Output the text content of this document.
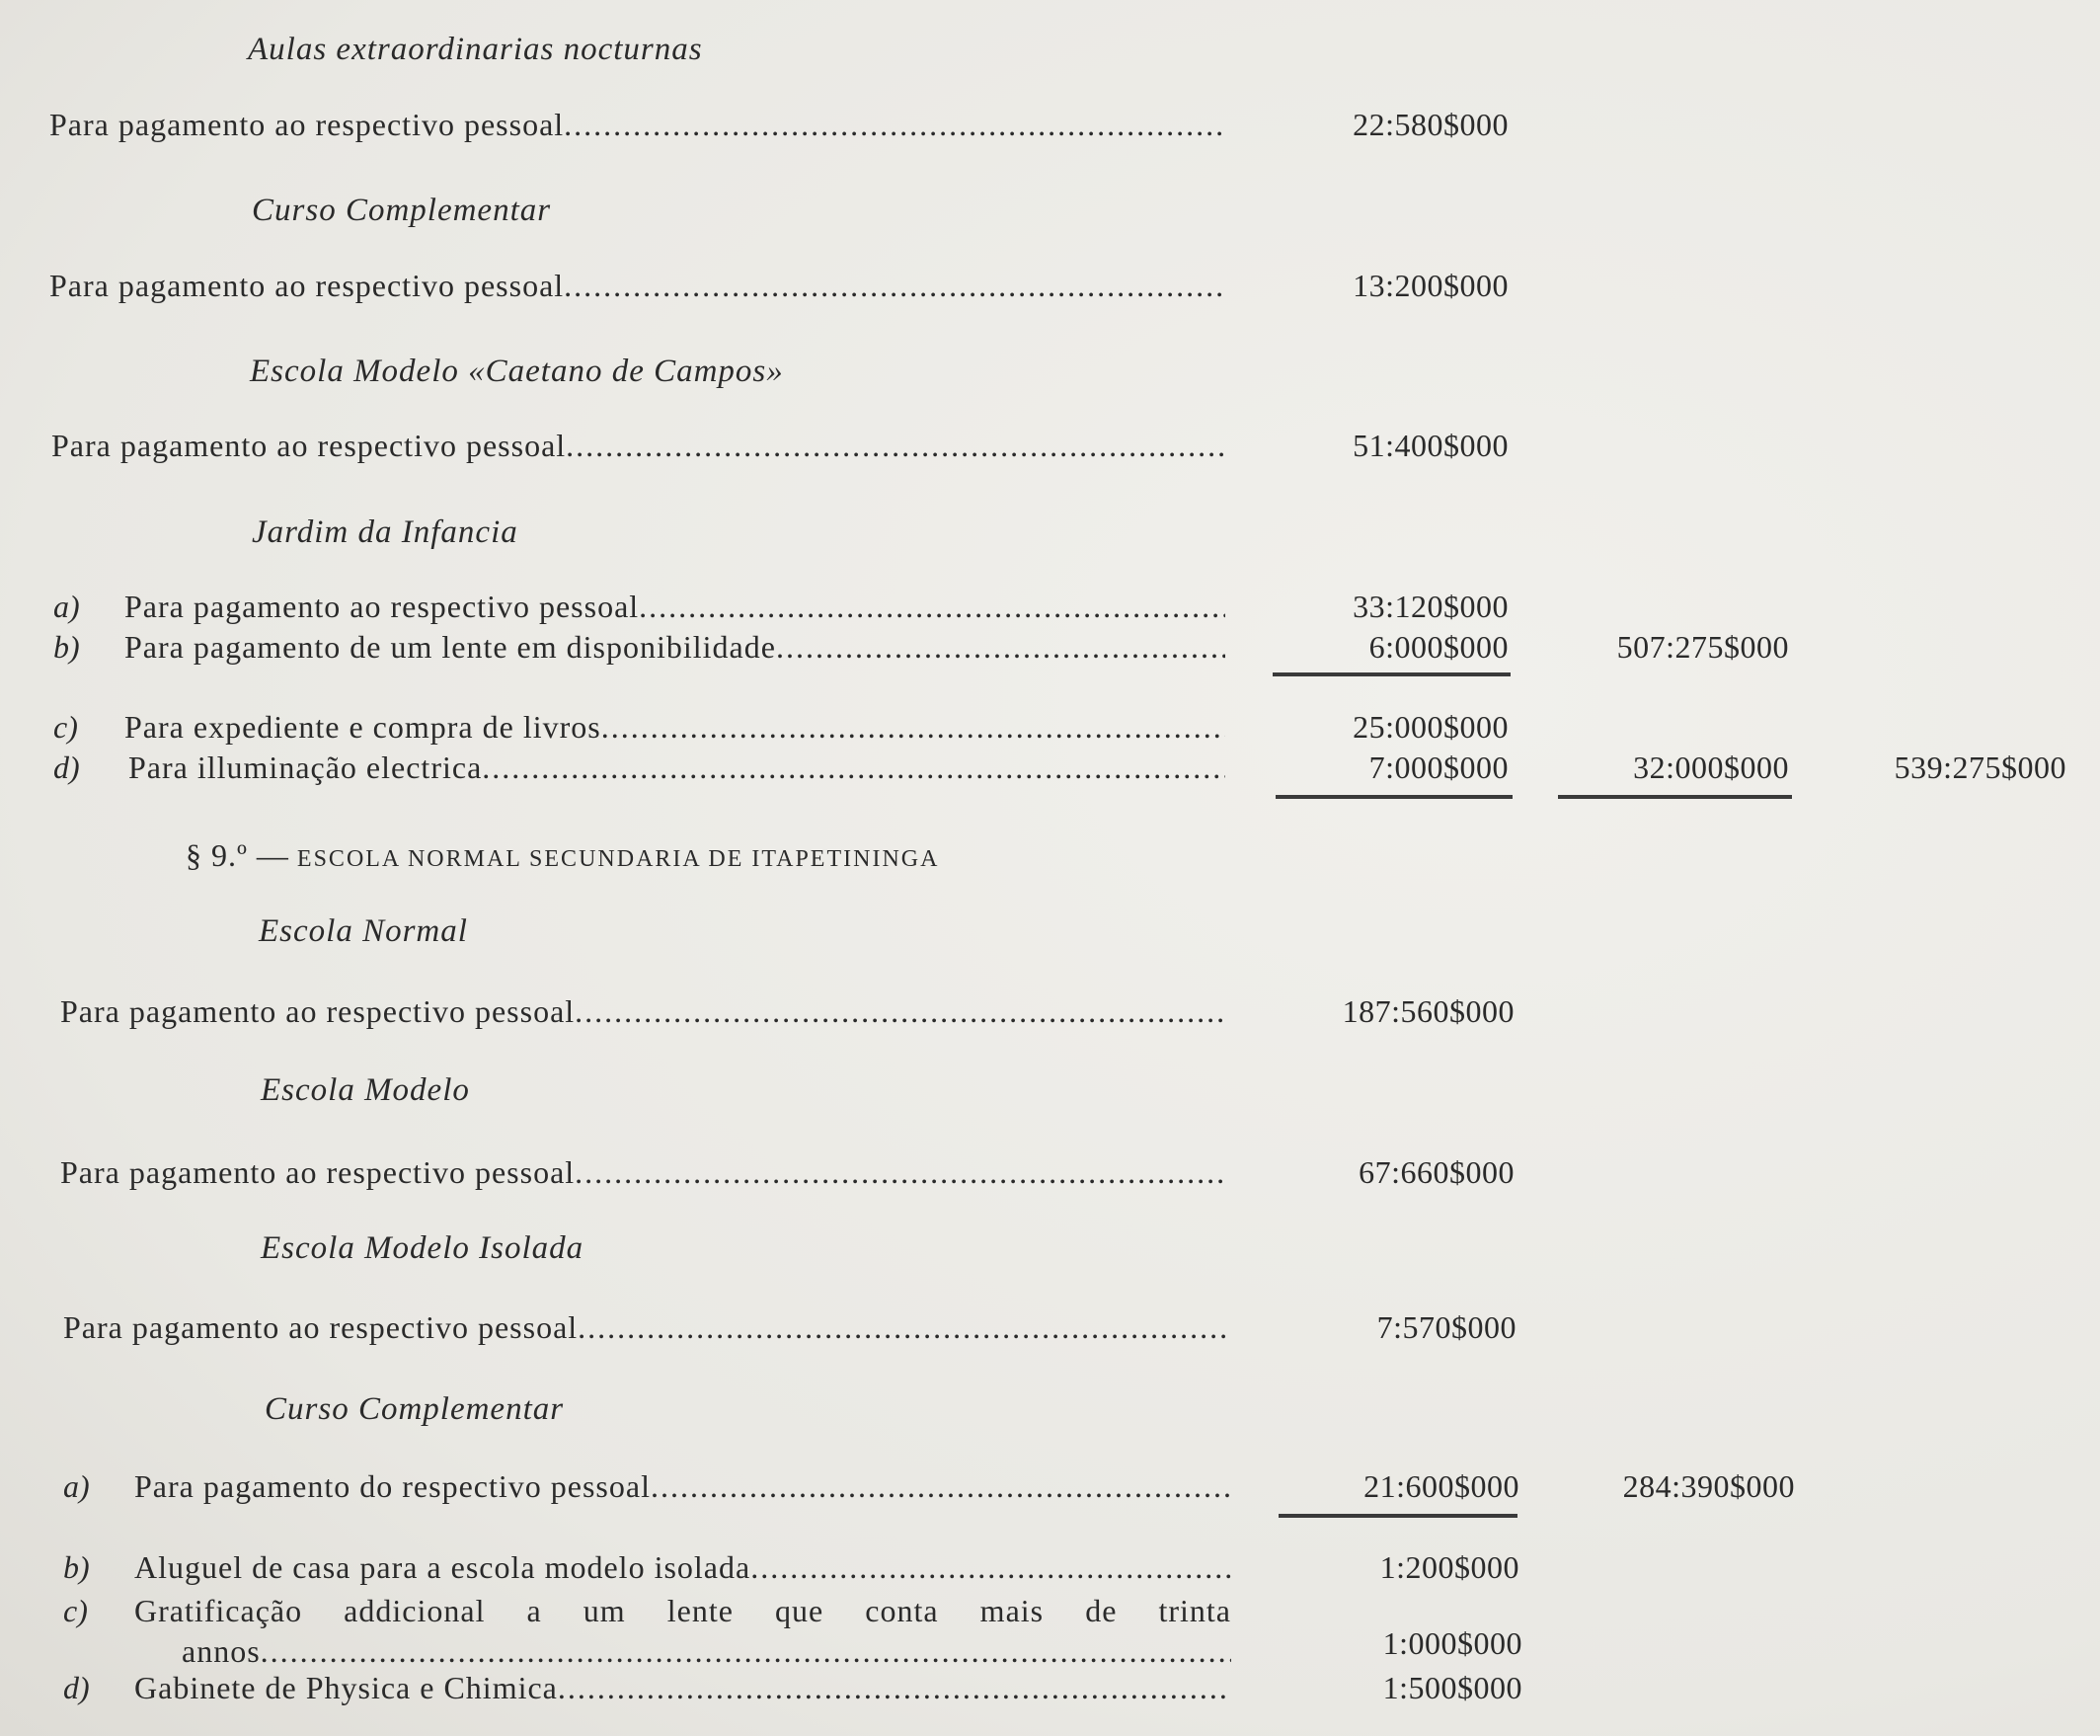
Aulas extraordinarias nocturnas
Para pagamento ao respectivo pessoal .....	22:580$000
Curso Complementar
Para pagamento ao respectivo pessoal .....	13:200$000
Escola Modelo «Caetano de Campos»
Para pagamento ao respectivo pessoal .....	51:400$000
Jardim da Infancia
a) Para pagamento ao respectivo pessoal .....	33:120$000
b) Para pagamento de um lente em disponibilidade .....	6:000$000	507:275$000
c) Para expediente e compra de livros .....	25:000$000
d) Para illuminação electrica .....	7:000$000	32:000$000	539:275$000
§ 9.º — ESCOLA NORMAL SECUNDARIA DE ITAPETININGA
Escola Normal
Para pagamento ao respectivo pessoal .....	187:560$000
Escola Modelo
Para pagamento ao respectivo pessoal .....	67:660$000
Escola Modelo Isolada
Para pagamento ao respectivo pessoal .....	7:570$000
Curso Complementar
a) Para pagamento do respectivo pessoal .....	21:600$000	284:390$000
b) Aluguel de casa para a escola modelo isolada .....	1:200$000
c) Gratificação addicional a um lente que conta mais de trinta
annos .....	1:000$000
d) Gabinete de Physica e Chimica .....	1:500$000
